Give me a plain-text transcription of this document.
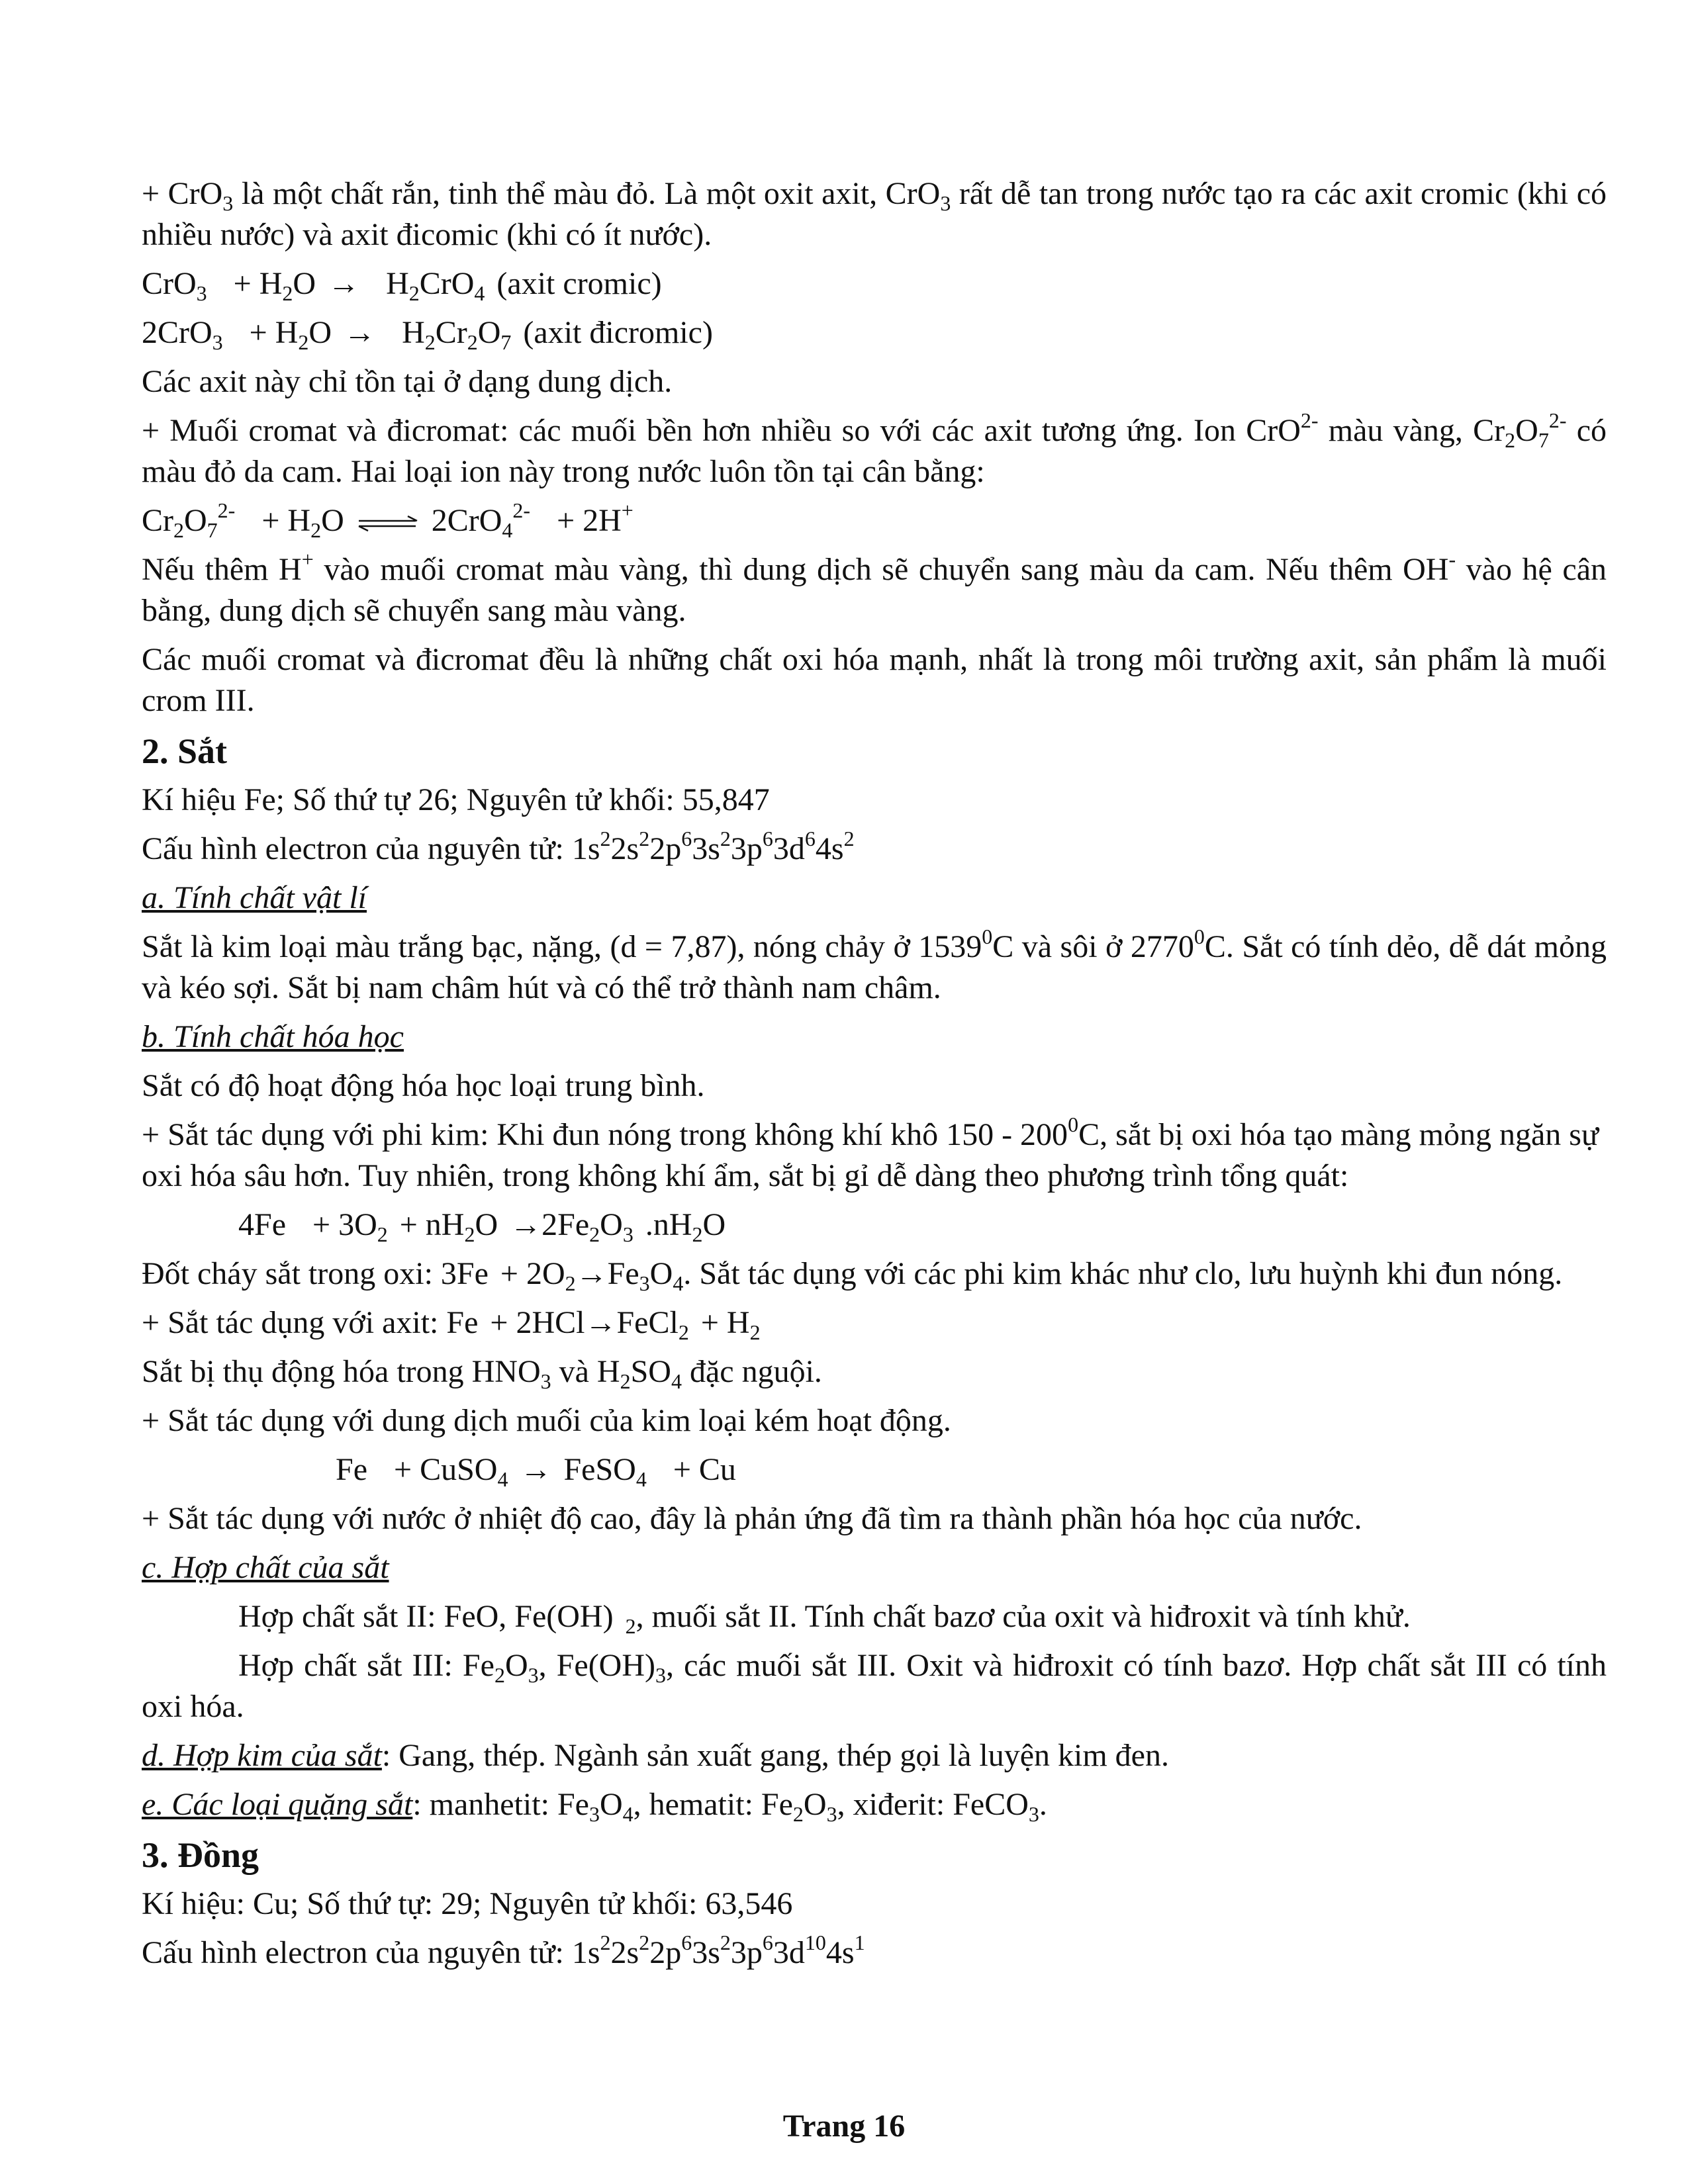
+ CrO$_3$ là một chất rắn, tinh thể màu đỏ. Là một oxit axit, CrO$_3$ rất dễ tan trong nước tạo ra các axit cromic (khi có nhiều nước) và axit đicomic (khi có ít nước).

$CrO_3 + H_2O \to H_2CrO_4$ (axit cromic)

$2CrO_3 + H_2O \to H_2Cr_2O_7$ (axit đicromic)

Các axit này chỉ tồn tại ở dạng dung dịch.

+ Muối cromat và đicromat: các muối bền hơn nhiều so với các axit tương ứng. Ion CrO$^{2-}$ màu vàng, $Cr_2O_7^{2-}$ có màu đỏ da cam. Hai loại ion này trong nước luôn tồn tại cân bằng:

$Cr_2O_7^{2-} + H_2O$ ⇌ 2CrO$_4^{2-}$ + 2H+

Nếu thêm H+ vào muối cromat màu vàng, thì dung dịch sẽ chuyển sang màu da cam. Nếu thêm OH- vào hệ cân bằng, dung dịch sẽ chuyển sang màu vàng.

Các muối cromat và đicromat đều là những chất oxi hóa mạnh, nhất là trong môi trường axit, sản phẩm là muối crom III.

2. Sắt

Kí hiệu Fe; Số thứ tự 26; Nguyên tử khối: 55,847

Cấu hình electron của nguyên tử: $1s^22s^22p^63s^23p^63d^64s^2$

a. Tính chất vật lí

Sắt là kim loại màu trắng bạc, nặng, (d = 7,87), nóng chảy ở 1539$^0$C và sôi ở 2770$^0$C. Sắt có tính dẻo, dễ dát mỏng và kéo sợi. Sắt bị nam châm hút và có thể trở thành nam châm.

b. Tính chất hóa học

Sắt có độ hoạt động hóa học loại trung bình.

+ Sắt tác dụng với phi kim: Khi đun nóng trong không khí khô $150 - 200^0C$, sắt bị oxi hóa tạo màng mỏng ngăn sự oxi hóa sâu hơn. Tuy nhiên, trong không khí ẩm, sắt bị gỉ dễ dàng theo phương trình tổng quát:

$4Fe + 3O_2 + nH_2O \to 2Fe_2O_3$ $.nH_2O$

Đốt cháy sắt trong oxi: $3Fe + 2O_2\to Fe_3O_4$. Sắt tác dụng với các phi kim khác như clo, lưu huỳnh khi đun nóng.

+ Sắt tác dụng với axit: Fe + 2HCl→FeCl$_2$ + $H_2$

Sắt bị thụ động hóa trong $HNO_3$ và $H_2SO_4$ đặc nguội.

+ Sắt tác dụng với dung dịch muối của kim loại kém hoạt động.

Fe + CuSO$_4$ → FeSO$_4$ + Cu

+ Sắt tác dụng với nước ở nhiệt độ cao, đây là phản ứng đã tìm ra thành phần hóa học của nước.

c. Hợp chất của sắt

Hợp chất sắt II: FeO, Fe(OH) $_2$, muối sắt II. Tính chất bazơ của oxit và hiđroxit và tính khử.

Hợp chất sắt III: $Fe_2O_3$, $Fe(OH)_3$, các muối sắt III. Oxit và hiđroxit có tính bazơ. Hợp chất sắt III có tính oxi hóa.

d. Hợp kim của sắt: Gang, thép. Ngành sản xuất gang, thép gọi là luyện kim đen.

e. Các loại quặng sắt: manhetit: $Fe_3O_4$, hematit: $Fe_2O_3$, xiđerit: FeCO$_3$.

3. Đồng

Kí hiệu: Cu; Số thứ tự: 29; Nguyên tử khối: 63,546

Cấu hình electron của nguyên tử: $1s^22s^22p^63s^23p^63d^{10}4s^1$

Trang 16
